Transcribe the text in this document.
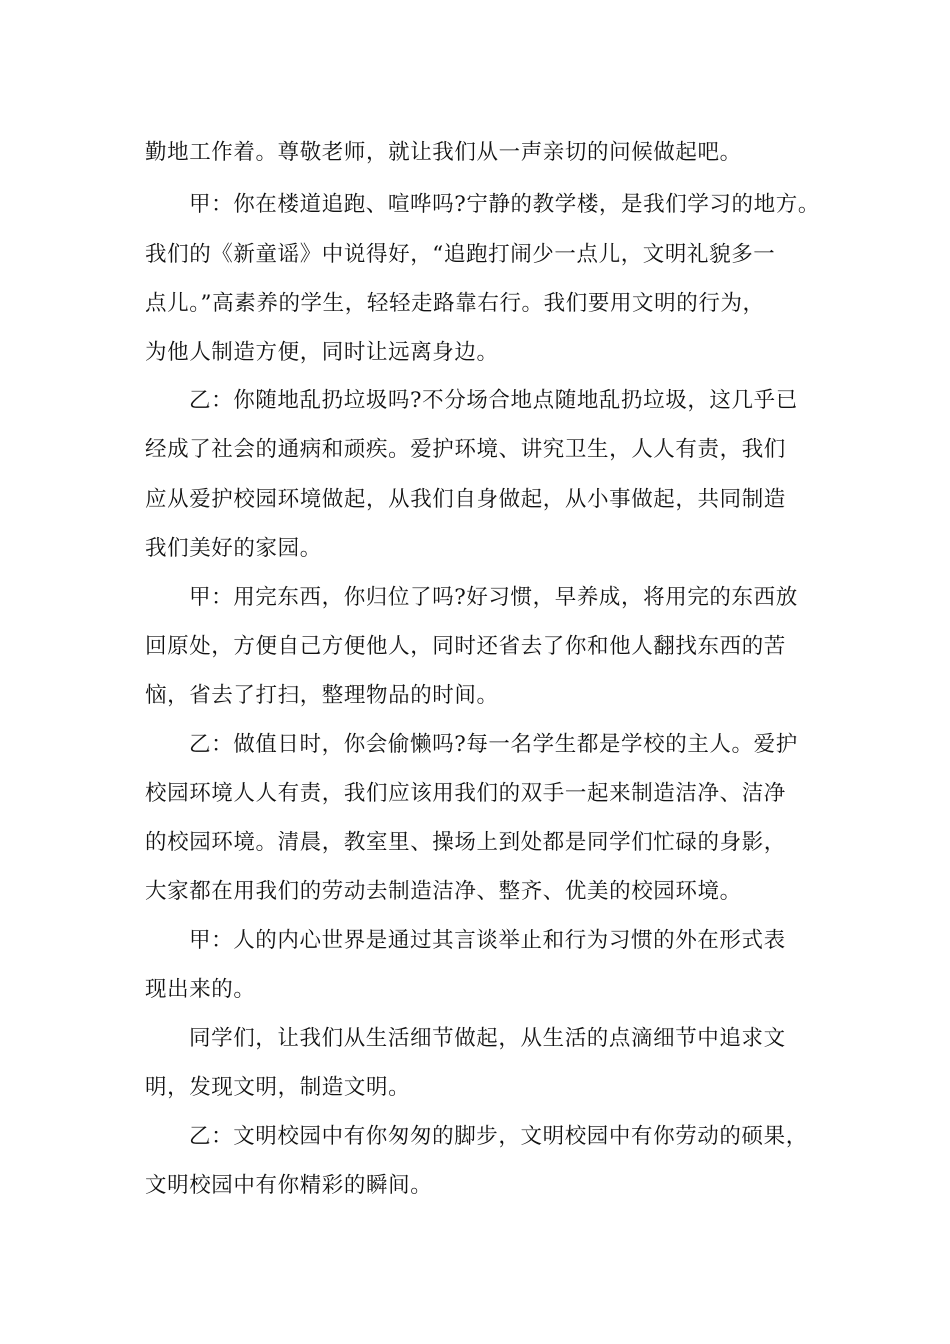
勤地工作着。尊敬老师，就让我们从一声亲切的问候做起吧。

甲：你在楼道追跑、喧哗吗?宁静的教学楼，是我们学习的地方。

我们的《新童谣》中说得好，“追跑打闹少一点儿，文明礼貌多一

点儿。”高素养的学生，轻轻走路靠右行。我们要用文明的行为，

为他人制造方便，同时让远离身边。

乙：你随地乱扔垃圾吗?不分场合地点随地乱扔垃圾，这几乎已

经成了社会的通病和顽疾。爱护环境、讲究卫生，人人有责，我们

应从爱护校园环境做起，从我们自身做起，从小事做起，共同制造

我们美好的家园。

甲：用完东西，你归位了吗?好习惯，早养成，将用完的东西放

回原处，方便自己方便他人，同时还省去了你和他人翻找东西的苦

恼，省去了打扫，整理物品的时间。

乙：做值日时，你会偷懒吗?每一名学生都是学校的主人。爱护

校园环境人人有责，我们应该用我们的双手一起来制造洁净、洁净

的校园环境。清晨，教室里、操场上到处都是同学们忙碌的身影，

大家都在用我们的劳动去制造洁净、整齐、优美的校园环境。

甲：人的内心世界是通过其言谈举止和行为习惯的外在形式表

现出来的。

同学们，让我们从生活细节做起，从生活的点滴细节中追求文

明，发现文明，制造文明。

乙：文明校园中有你匆匆的脚步，文明校园中有你劳动的硕果，

文明校园中有你精彩的瞬间。
